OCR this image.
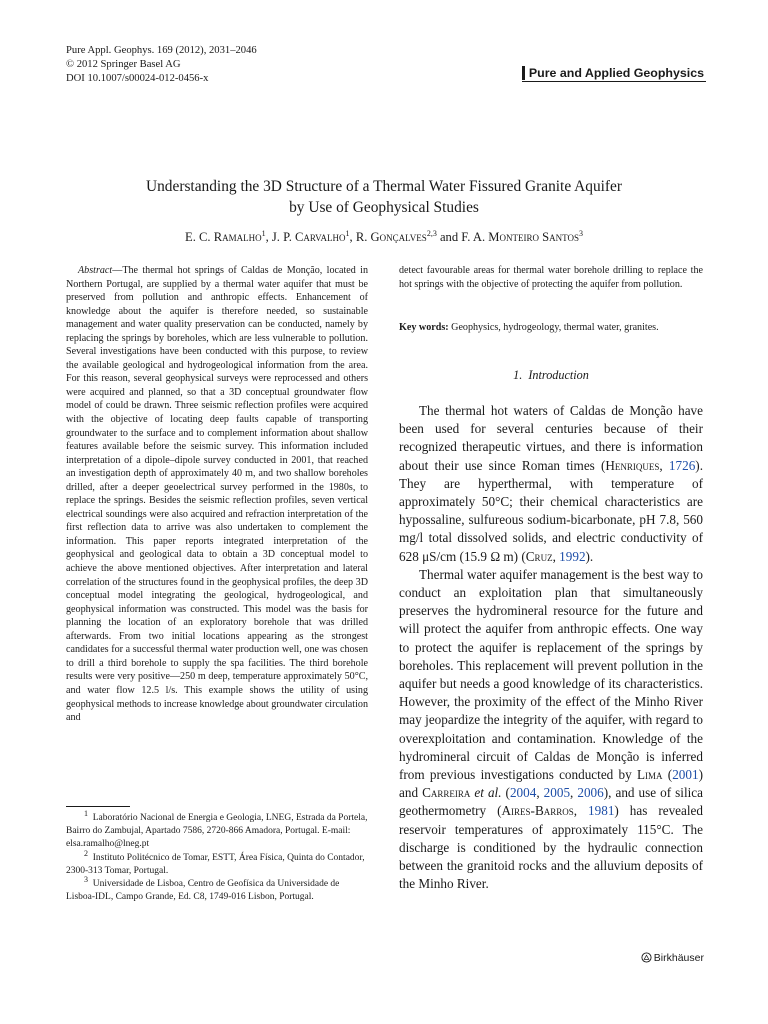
Pure Appl. Geophys. 169 (2012), 2031–2046
© 2012 Springer Basel AG
DOI 10.1007/s00024-012-0456-x	Pure and Applied Geophysics
Understanding the 3D Structure of a Thermal Water Fissured Granite Aquifer
by Use of Geophysical Studies
E. C. Ramalho$^1$, J. P. Carvalho$^1$, R. Gonçalves$^{2,3}$ and F. A. Monteiro Santos$^3$
Abstract—The thermal hot springs of Caldas de Monção, located in Northern Portugal, are supplied by a thermal water aquifer that must be preserved from pollution and anthropic effects. Enhancement of knowledge about the aquifer is therefore needed, so sustainable management and water quality preservation can be conducted, namely by replacing the springs by boreholes, which are less vulnerable to pollution. Several investigations have been conducted with this purpose, to review the available geological and hydrogeological information from the area. For this reason, several geophysical surveys were reprocessed and others were acquired and planned, so that a 3D conceptual groundwater flow model of could be drawn. Three seismic reflection profiles were acquired with the objective of locating deep faults capable of transporting groundwater to the surface and to complement information about shallow features available before the seismic survey. This information included interpretation of a dipole–dipole survey conducted in 2001, that reached an investigation depth of approximately 40 m, and two shallow boreholes drilled, after a deeper geoelectrical survey performed in the 1980s, to replace the springs. Besides the seismic reflection profiles, seven vertical electrical soundings were also acquired and refraction interpretation of the first reflection data to arrive was also undertaken to complement the information. This paper reports integrated interpretation of the geophysical and geological data to obtain a 3D conceptual model to achieve the above mentioned objectives. After interpretation and lateral correlation of the structures found in the geophysical profiles, the deep 3D conceptual model integrating the geological, hydrogeological, and geophysical information was constructed. This model was the basis for planning the location of an exploratory borehole that was drilled afterwards. From two initial locations appearing as the strongest candidates for a successful thermal water production well, one was chosen to drill a third borehole to supply the spa facilities. The third borehole results were very positive—250 m deep, temperature approximately 50°C, and water flow 12.5 l/s. This example shows the utility of using geophysical methods to increase knowledge about groundwater circulation and
detect favourable areas for thermal water borehole drilling to replace the hot springs with the objective of protecting the aquifer from pollution.
Key words: Geophysics, hydrogeology, thermal water, granites.
1. Introduction

The thermal hot waters of Caldas de Monção have been used for several centuries because of their recognized therapeutic virtues, and there is information about their use since Roman times (Henriques, 1726). They are hyperthermal, with temperature of approximately 50°C; their chemical characteristics are hypossaline, sulfureous sodium-bicarbonate, pH 7.8, 560 mg/l total dissolved solids, and electric conductivity of 628 μS/cm (15.9 Ω m) (Cruz, 1992).

Thermal water aquifer management is the best way to conduct an exploitation plan that simultaneously preserves the hydromineral resource for the future and will protect the aquifer from anthropic effects. One way to protect the aquifer is replacement of the springs by boreholes. This replacement will prevent pollution in the aquifer but needs a good knowledge of its characteristics. However, the proximity of the effect of the Minho River may jeopardize the integrity of the aquifer, with regard to overexploitation and contamination. Knowledge of the hydromineral circuit of Caldas de Monção is inferred from previous investigations conducted by Lima (2001) and Carreira et al. (2004, 2005, 2006), and use of silica geothermometry (Aires-Barros, 1981) has revealed reservoir temperatures of approximately 115°C. The discharge is conditioned by the hydraulic connection between the granitoid rocks and the alluvium deposits of the Minho River.

$^1$ Laboratório Nacional de Energia e Geologia, LNEG, Estrada da Portela, Bairro do Zambujal, Apartado 7586, 2720-866 Amadora, Portugal. E-mail: elsa.ramalho@lneg.pt

$^2$ Instituto Politécnico de Tomar, ESTT, Área Física, Quinta do Contador, 2300-313 Tomar, Portugal.

$^3$ Universidade de Lisboa, Centro de Geofísica da Universidade de Lisboa-IDL, Campo Grande, Ed. C8, 1749-016 Lisbon, Portugal.

Birkhäuser
